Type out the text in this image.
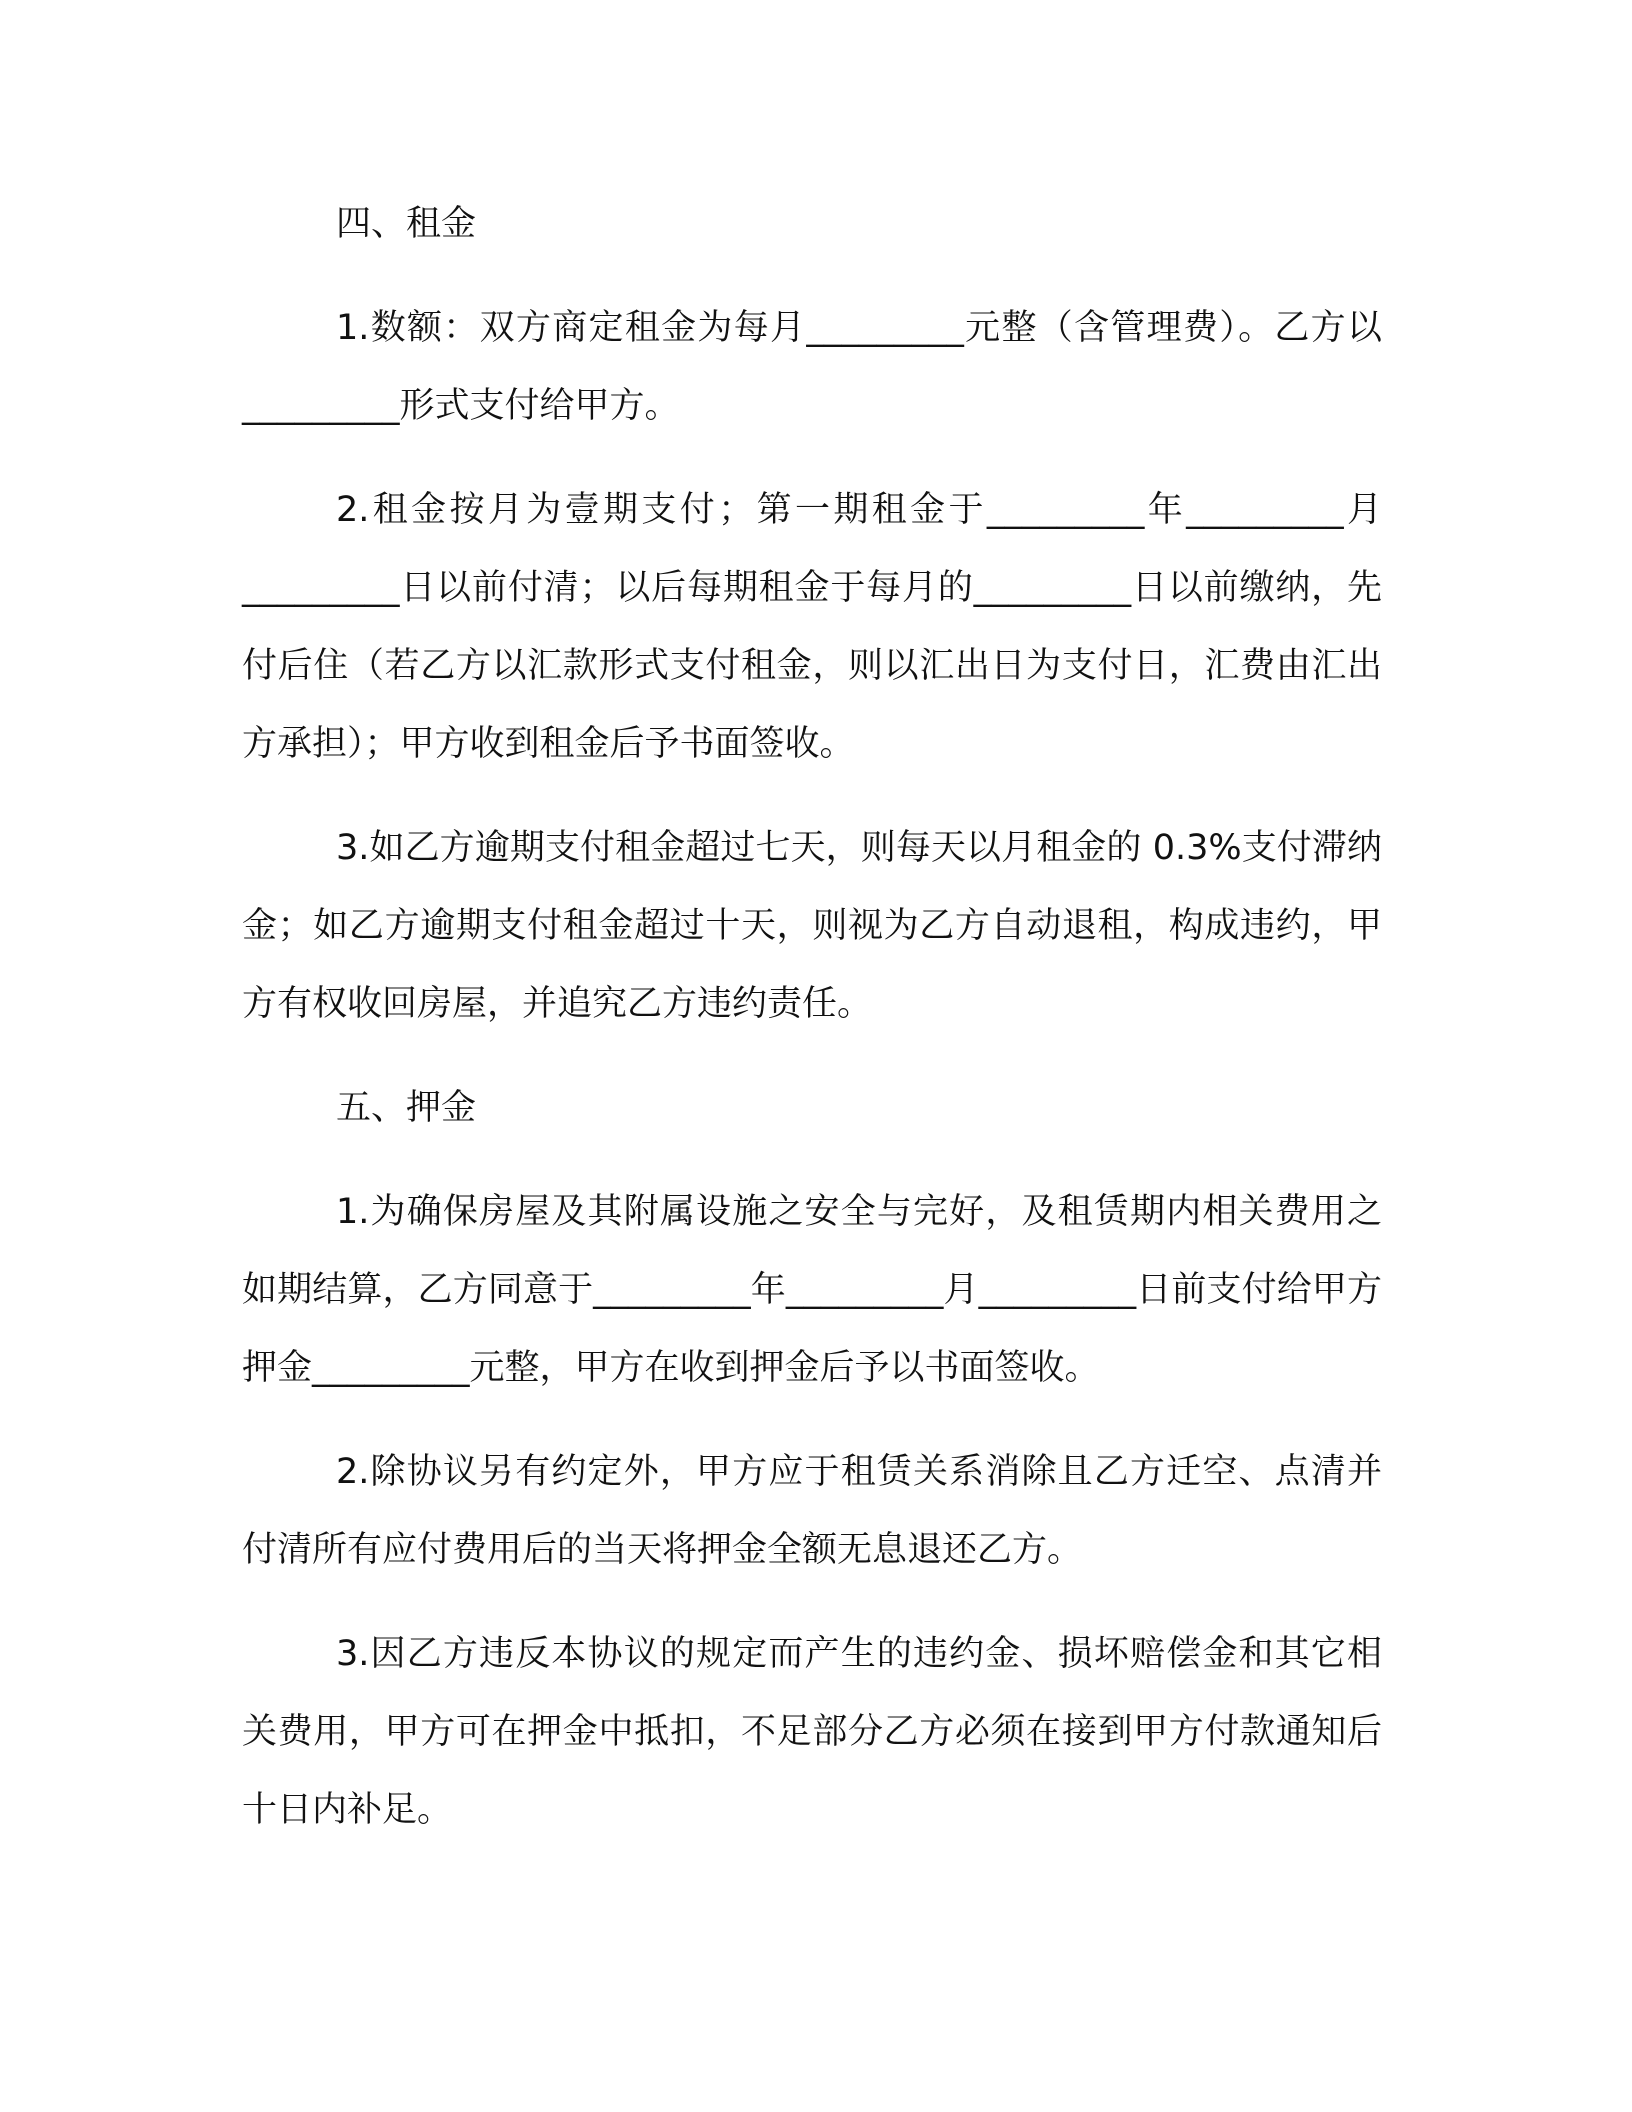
四、租金
1.数额：双方商定租金为每月_________元整（含管理费）。乙方以_________形式支付给甲方。
2.租金按月为壹期支付；第一期租金于_________年_________月_________日以前付清；以后每期租金于每月的_________日以前缴纳，先付后住（若乙方以汇款形式支付租金，则以汇出日为支付日，汇费由汇出方承担）；甲方收到租金后予书面签收。
3.如乙方逾期支付租金超过七天，则每天以月租金的 0.3%支付滞纳金；如乙方逾期支付租金超过十天，则视为乙方自动退租，构成违约，甲方有权收回房屋，并追究乙方违约责任。
五、押金
1.为确保房屋及其附属设施之安全与完好，及租赁期内相关费用之如期结算，乙方同意于_________年_________月_________日前支付给甲方押金_________元整，甲方在收到押金后予以书面签收。
2.除协议另有约定外，甲方应于租赁关系消除且乙方迁空、点清并付清所有应付费用后的当天将押金全额无息退还乙方。
3.因乙方违反本协议的规定而产生的违约金、损坏赔偿金和其它相关费用，甲方可在押金中抵扣，不足部分乙方必须在接到甲方付款通知后十日内补足。
